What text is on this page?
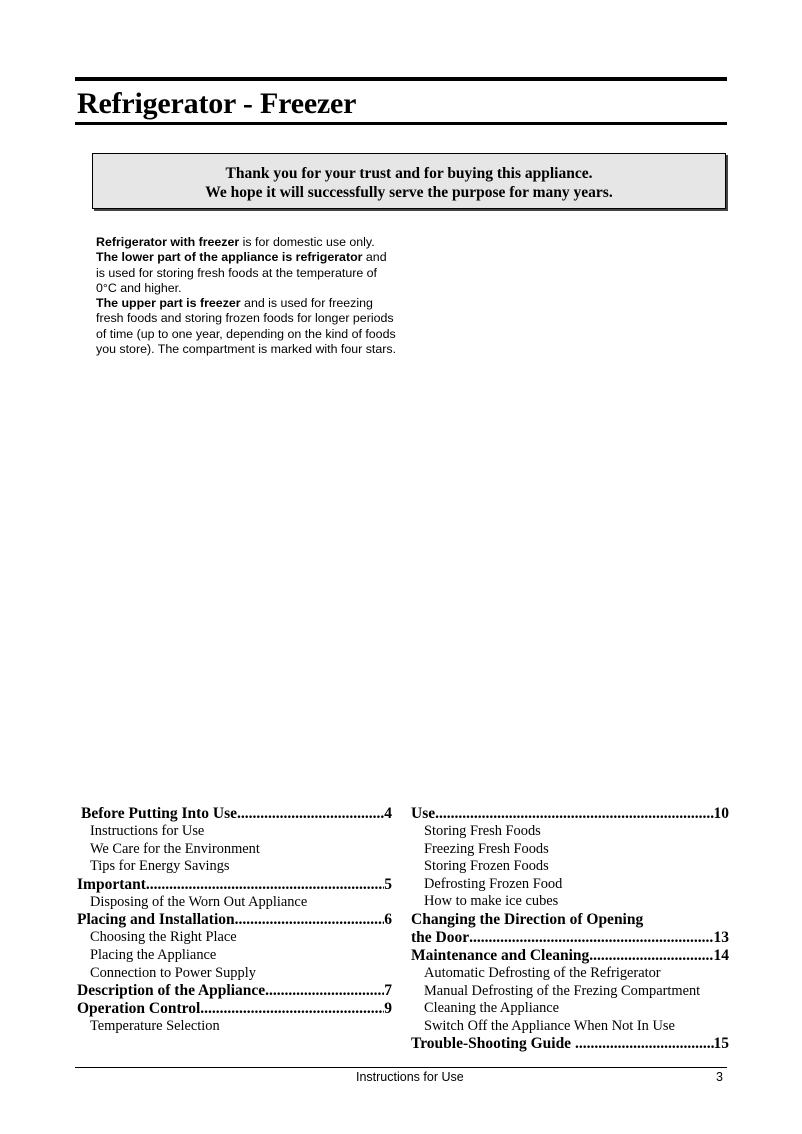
Refrigerator - Freezer
Thank you for your trust and for buying this appliance.
We hope it will successfully serve the purpose for many years.

Refrigerator with freezer is for domestic use only.

The lower part of the appliance is refrigerator and is used for storing fresh foods at the temperature of 0°C and higher.

The upper part is freezer and is used for freezing fresh foods and storing frozen foods for longer periods of time (up to one year, depending on the kind of foods you store). The compartment is marked with four stars.

Before Putting Into Use .....	4
Instructions for Use
We Care for the Environment
Tips for Energy Savings
Important .....	5
Disposing of the Worn Out Appliance
Placing and Installation .....	6
Choosing the Right Place
Placing the Appliance
Connection to Power Supply
Description of the Appliance .....	7
Operation Control .....	9
Temperature Selection
Use .....	10
Storing Fresh Foods
Freezing Fresh Foods
Storing Frozen Foods
Defrosting Frozen Food
How to make ice cubes
Changing the Direction of Opening
the Door .....	13
Maintenance and Cleaning .....	14
Automatic Defrosting of the Refrigerator
Manual Defrosting of the Frezing Compartment
Cleaning the Appliance
Switch Off the Appliance When Not In Use
Trouble-Shooting Guide .....	15
Instructions for Use	3
